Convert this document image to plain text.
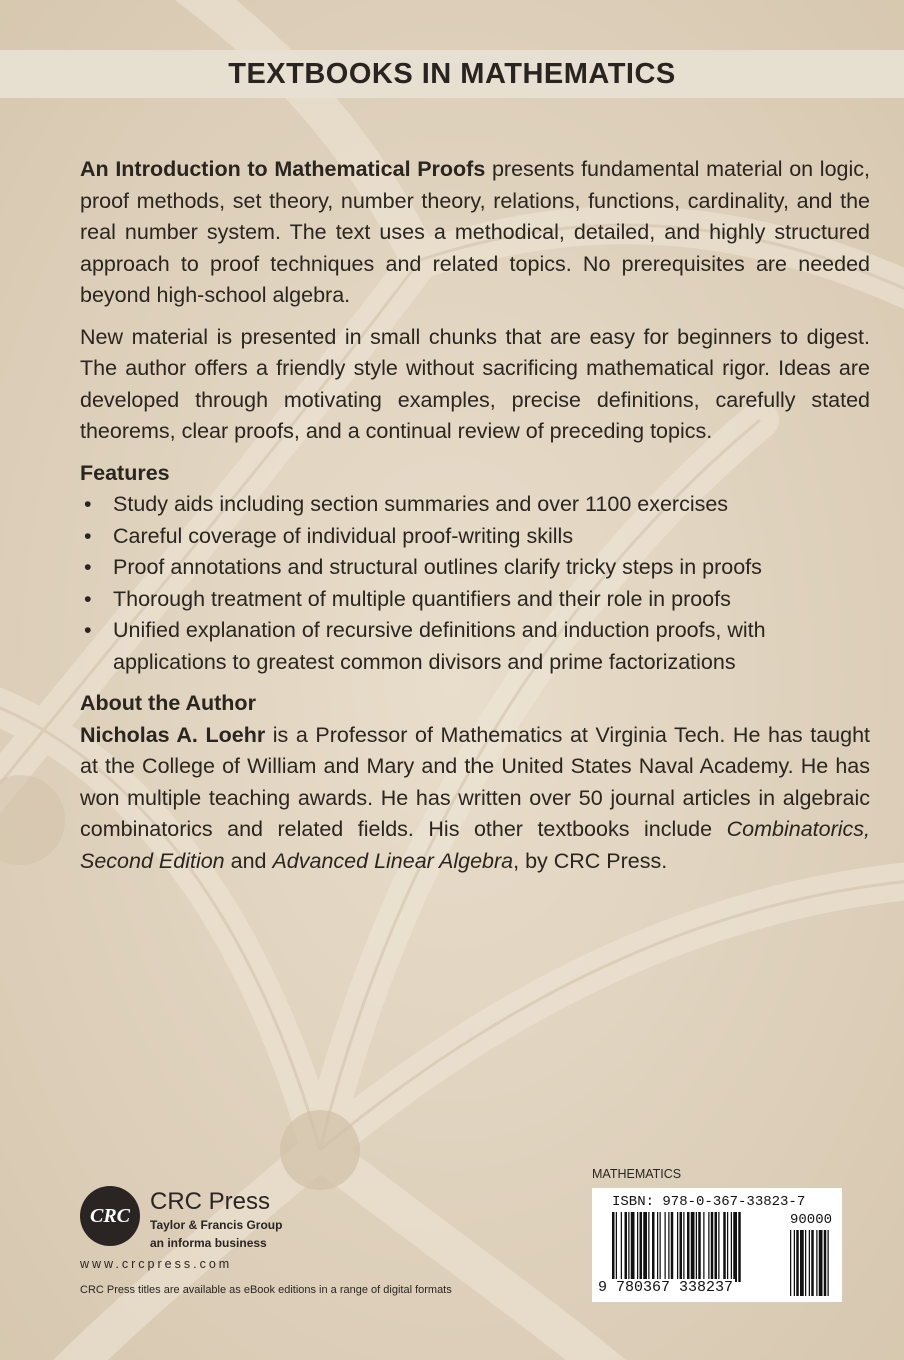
TEXTBOOKS IN MATHEMATICS

An Introduction to Mathematical Proofs presents fundamental material on logic, proof methods, set theory, number theory, relations, functions, cardinality, and the real number system. The text uses a methodical, detailed, and highly structured approach to proof techniques and related topics. No prerequisites are needed beyond high-school algebra.

New material is presented in small chunks that are easy for beginners to digest. The author offers a friendly style without sacrificing mathematical rigor. Ideas are developed through motivating examples, precise definitions, carefully stated theorems, clear proofs, and a continual review of preceding topics.

Features
• Study aids including section summaries and over 1100 exercises
• Careful coverage of individual proof-writing skills
• Proof annotations and structural outlines clarify tricky steps in proofs
• Thorough treatment of multiple quantifiers and their role in proofs
• Unified explanation of recursive definitions and induction proofs, with applications to greatest common divisors and prime factorizations
About the Author

Nicholas A. Loehr is a Professor of Mathematics at Virginia Tech. He has taught at the College of William and Mary and the United States Naval Academy. He has won multiple teaching awards. He has written over 50 journal articles in algebraic combinatorics and related fields. His other textbooks include Combinatorics, Second Edition and Advanced Linear Algebra, by CRC Press.

CRC
CRC Press
Taylor & Francis Group
an informa business
www.crcpress.com
CRC Press titles are available as eBook editions in a range of digital formats
MATHEMATICS
ISBN: 978-0-367-33823-7
90000
9 780367 338237
